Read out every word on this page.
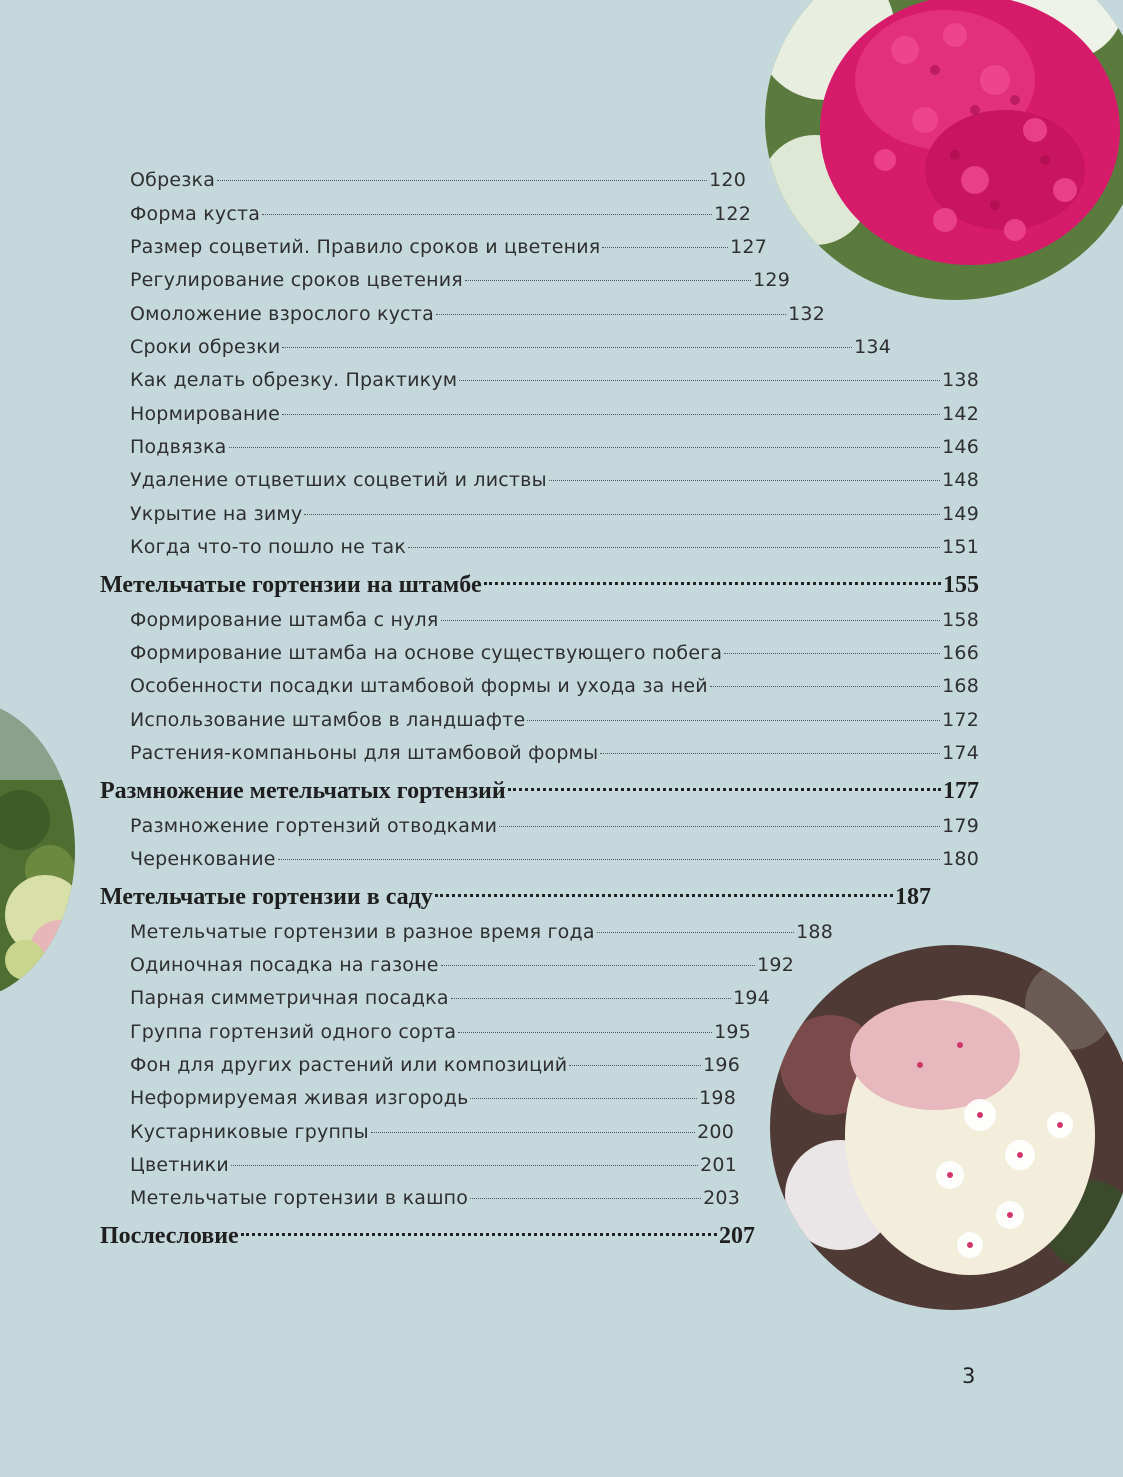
Обрезка	120
Форма куста	122
Размер соцветий. Правило сроков и цветения	127
Регулирование сроков цветения	129
Омоложение взрослого куста	132
Сроки обрезки	134
Как делать обрезку. Практикум	138
Нормирование	142
Подвязка	146
Удаление отцветших соцветий и листвы	148
Укрытие на зиму	149
Когда что-то пошло не так	151
Метельчатые гортензии на штамбе	155
Формирование штамба с нуля	158
Формирование штамба на основе существующего побега	166
Особенности посадки штамбовой формы и ухода за ней	168
Использование штамбов в ландшафте	172
Растения-компаньоны для штамбовой формы	174
Размножение метельчатых гортензий	177
Размножение гортензий отводками	179
Черенкование	180
Метельчатые гортензии в саду	187
Метельчатые гортензии в разное время года	188
Одиночная посадка на газоне	192
Парная симметричная посадка	194
Группа гортензий одного сорта	195
Фон для других растений или композиций	196
Неформируемая живая изгородь	198
Кустарниковые группы	200
Цветники	201
Метельчатые гортензии в кашпо	203
Послесловие	207
3
